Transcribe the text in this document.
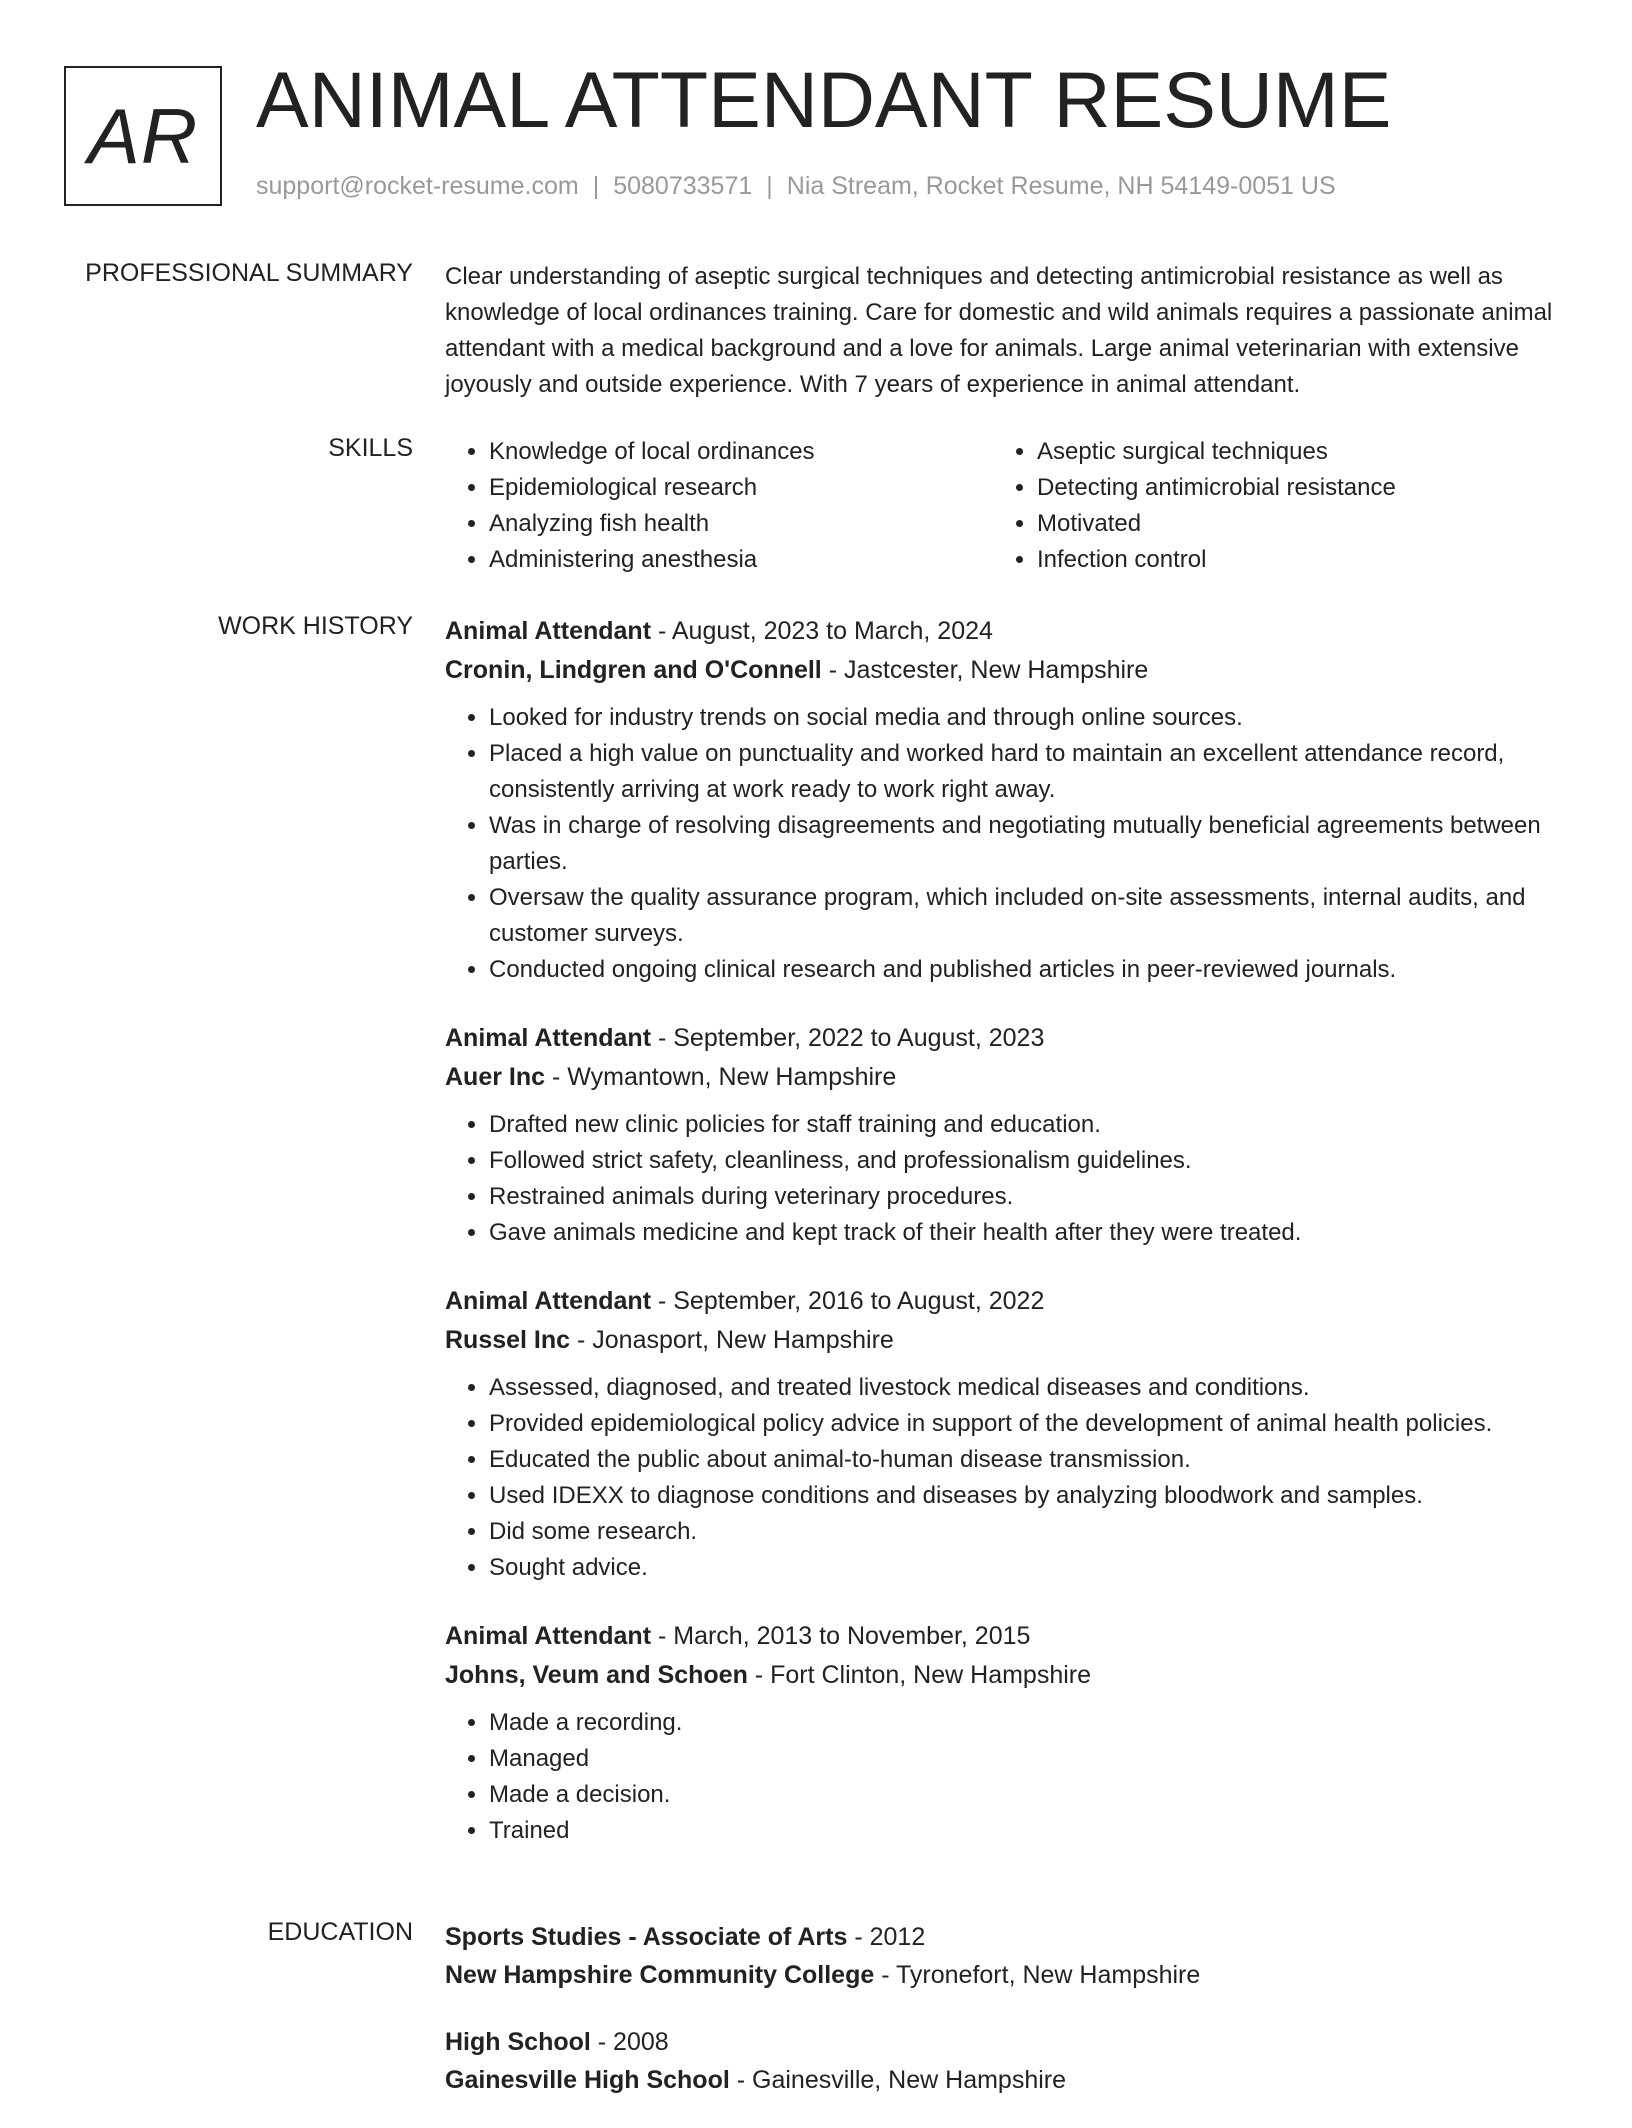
AR ANIMAL ATTENDANT RESUME
support@rocket-resume.com | 5080733571 | Nia Stream, Rocket Resume, NH 54149-0051 US
PROFESSIONAL SUMMARY Clear understanding of aseptic surgical techniques and detecting antimicrobial resistance as well as knowledge of local ordinances training. Care for domestic and wild animals requires a passionate animal attendant with a medical background and a love for animals. Large animal veterinarian with extensive joyously and outside experience. With 7 years of experience in animal attendant.

SKILLS
•	Knowledge of local ordinances
• Epidemiological research
• Analyzing fish health
• Administering anesthesia
• Aseptic surgical techniques
• Detecting antimicrobial resistance
• Motivated
• Infection control
WORK HISTORY Animal Attendant - August, 2023 to March, 2024
Cronin, Lindgren and O'Connell - Jastcester, New Hampshire
• Looked for industry trends on social media and through online sources.
• Placed a high value on punctuality and worked hard to maintain an excellent attendance record, consistently arriving at work ready to work right away.
• Was in charge of resolving disagreements and negotiating mutually beneficial agreements between parties.
• Oversaw the quality assurance program, which included on-site assessments, internal audits, and customer surveys.
• Conducted ongoing clinical research and published articles in peer-reviewed journals.
Animal Attendant - September, 2022 to August, 2023
Auer Inc - Wymantown, New Hampshire
• Drafted new clinic policies for staff training and education.
• Followed strict safety, cleanliness, and professionalism guidelines.
• Restrained animals during veterinary procedures.
• Gave animals medicine and kept track of their health after they were treated.
Animal Attendant - September, 2016 to August, 2022
Russel Inc - Jonasport, New Hampshire
• Assessed, diagnosed, and treated livestock medical diseases and conditions.
• Provided epidemiological policy advice in support of the development of animal health policies.
• Educated the public about animal-to-human disease transmission.
• Used IDEXX to diagnose conditions and diseases by analyzing bloodwork and samples.
• Did some research.
• Sought advice.
Animal Attendant - March, 2013 to November, 2015
Johns, Veum and Schoen - Fort Clinton, New Hampshire
• Made a recording.
• Managed
• Made a decision.
• Trained
EDUCATION Sports Studies - Associate of Arts - 2012
New Hampshire Community College - Tyronefort, New Hampshire
High School - 2008
Gainesville High School - Gainesville, New Hampshire
